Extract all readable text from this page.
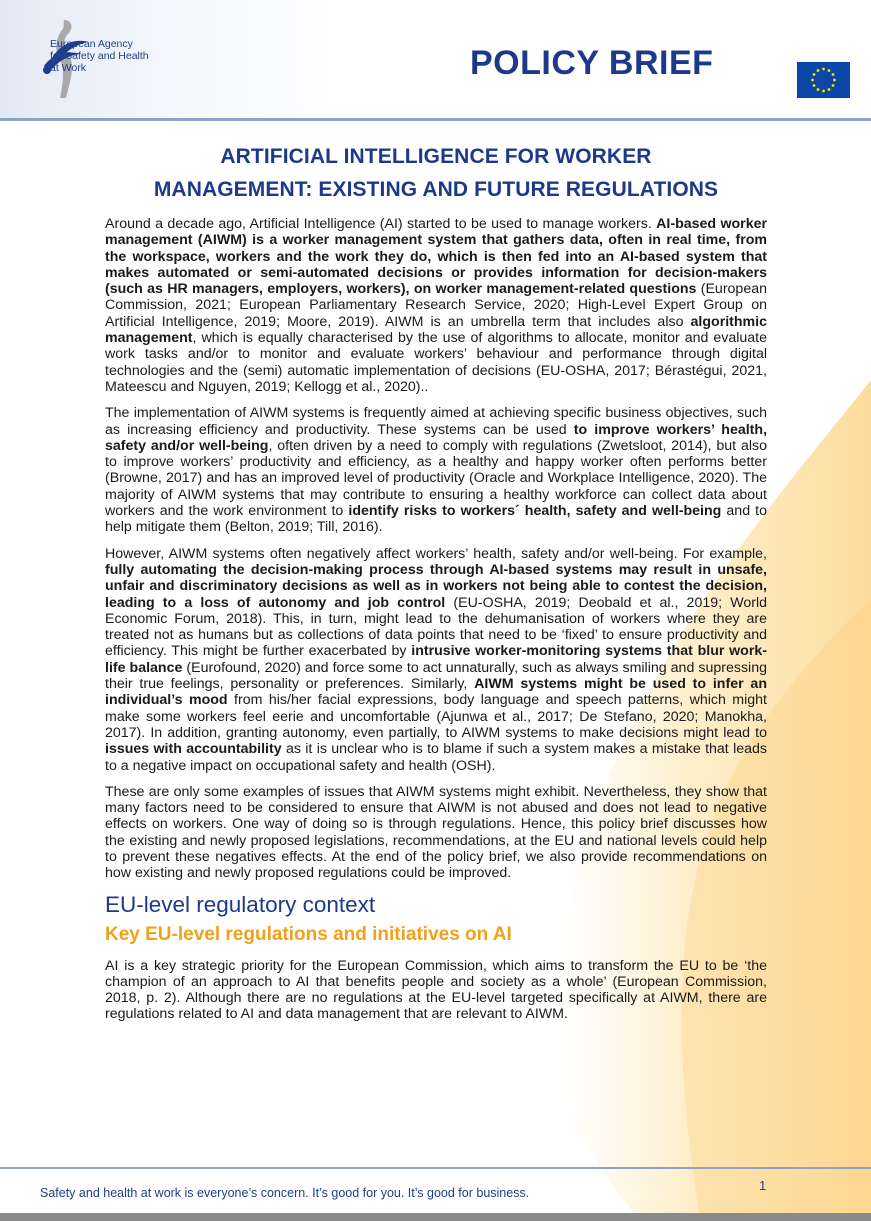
European Agency
for Safety and Health
at Work	POLICY BRIEF
ARTIFICIAL INTELLIGENCE FOR WORKER
MANAGEMENT: EXISTING AND FUTURE REGULATIONS

Around a decade ago, Artificial Intelligence (AI) started to be used to manage workers. AI-based worker management (AIWM) is a worker management system that gathers data, often in real time, from the workspace, workers and the work they do, which is then fed into an AI-based system that makes automated or semi-automated decisions or provides information for decision-makers (such as HR managers, employers, workers), on worker management-related questions (European Commission, 2021; European Parliamentary Research Service, 2020; High-Level Expert Group on Artificial Intelligence, 2019; Moore, 2019). AIWM is an umbrella term that includes also algorithmic management, which is equally characterised by the use of algorithms to allocate, monitor and evaluate work tasks and/or to monitor and evaluate workers’ behaviour and performance through digital technologies and the (semi) automatic implementation of decisions (EU-OSHA, 2017; Bérastégui, 2021, Mateescu and Nguyen, 2019; Kellogg et al., 2020)..

The implementation of AIWM systems is frequently aimed at achieving specific business objectives, such as increasing efficiency and productivity. These systems can be used to improve workers’ health, safety and/or well-being, often driven by a need to comply with regulations (Zwetsloot, 2014), but also to improve workers’ productivity and efficiency, as a healthy and happy worker often performs better (Browne, 2017) and has an improved level of productivity (Oracle and Workplace Intelligence, 2020). The majority of AIWM systems that may contribute to ensuring a healthy workforce can collect data about workers and the work environment to identify risks to workers´ health, safety and well-being and to help mitigate them (Belton, 2019; Till, 2016).

However, AIWM systems often negatively affect workers’ health, safety and/or well-being. For example, fully automating the decision-making process through AI-based systems may result in unsafe, unfair and discriminatory decisions as well as in workers not being able to contest the decision, leading to a loss of autonomy and job control (EU-OSHA, 2019; Deobald et al., 2019; World Economic Forum, 2018). This, in turn, might lead to the dehumanisation of workers where they are treated not as humans but as collections of data points that need to be ‘fixed’ to ensure productivity and efficiency. This might be further exacerbated by intrusive worker-monitoring systems that blur work-life balance (Eurofound, 2020) and force some to act unnaturally, such as always smiling and supressing their true feelings, personality or preferences. Similarly, AIWM systems might be used to infer an individual’s mood from his/her facial expressions, body language and speech patterns, which might make some workers feel eerie and uncomfortable (Ajunwa et al., 2017; De Stefano, 2020; Manokha, 2017). In addition, granting autonomy, even partially, to AIWM systems to make decisions might lead to issues with accountability as it is unclear who is to blame if such a system makes a mistake that leads to a negative impact on occupational safety and health (OSH).

These are only some examples of issues that AIWM systems might exhibit. Nevertheless, they show that many factors need to be considered to ensure that AIWM is not abused and does not lead to negative effects on workers. One way of doing so is through regulations. Hence, this policy brief discusses how the existing and newly proposed legislations, recommendations, at the EU and national levels could help to prevent these negatives effects. At the end of the policy brief, we also provide recommendations on how existing and newly proposed regulations could be improved.

EU-level regulatory context
Key EU-level regulations and initiatives on AI

AI is a key strategic priority for the European Commission, which aims to transform the EU to be ‘the champion of an approach to AI that benefits people and society as a whole’ (European Commission, 2018, p. 2). Although there are no regulations at the EU-level targeted specifically at AIWM, there are regulations related to AI and data management that are relevant to AIWM.

1
Safety and health at work is everyone’s concern. It’s good for you. It’s good for business.
